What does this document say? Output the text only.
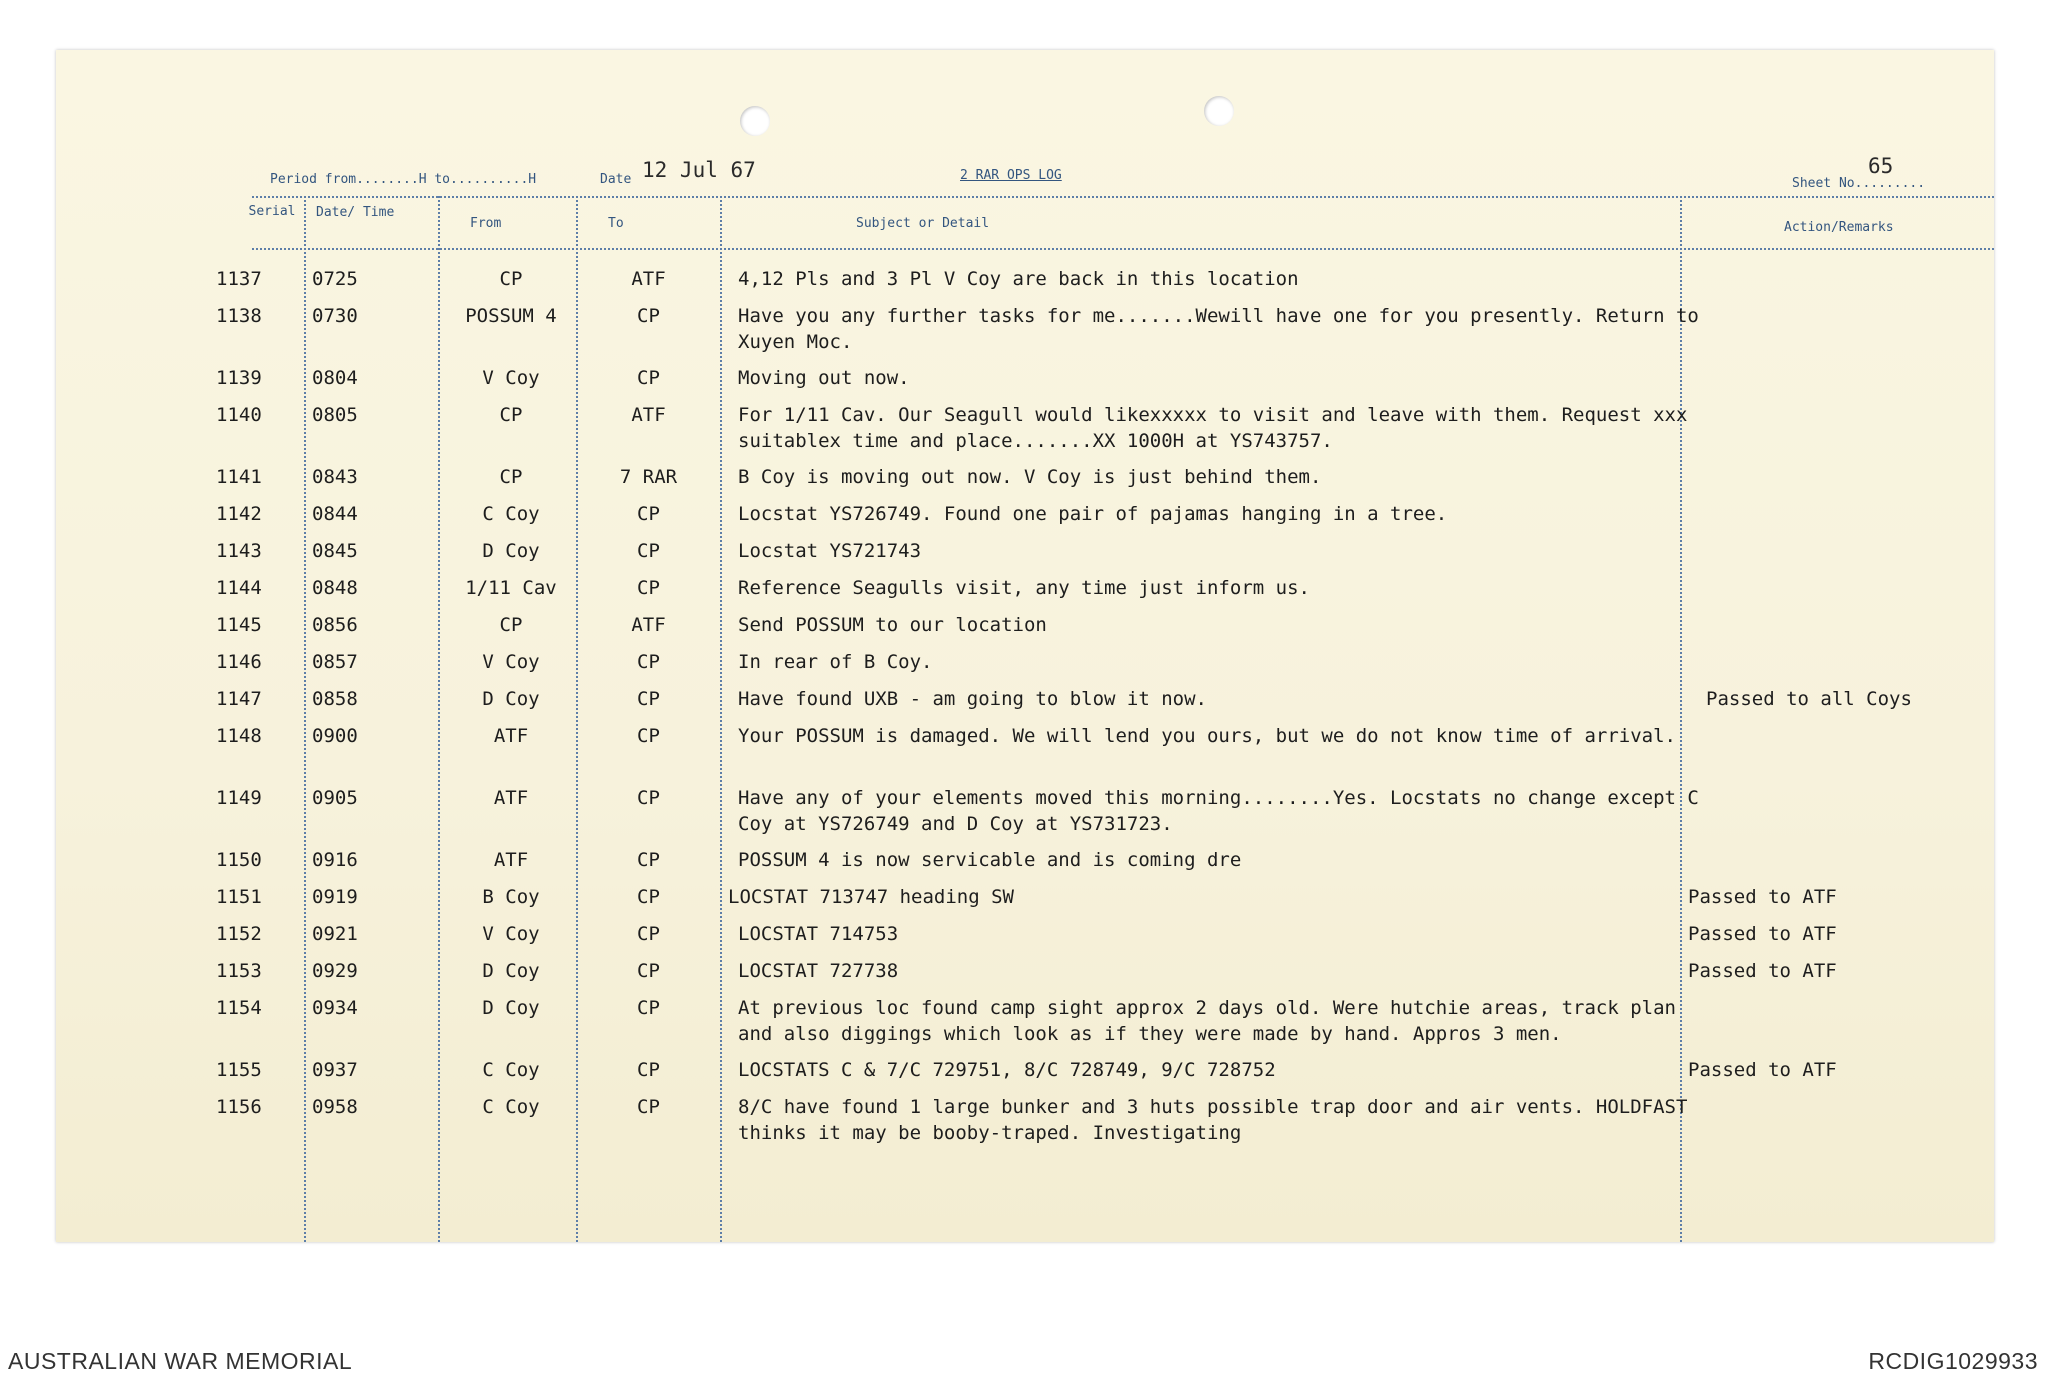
Period from........H to..........H	Date 12 Jul 67	2 RAR OPS LOG
Sheet No.........
65
Serial Date/ Time
From	To	Subject or Detail	Action/Remarks
1137	0725	CP	ATF	4,12 Pls and 3 Pl V Coy are back in this location
1138	0730	POSSUM 4	CP	Have you any further tasks for me.......Wewill have one for you presently. Return to Xuyen Moc.
1139	0804	V Coy	CP	Moving out now.
1140	0805	CP	ATF	For 1/11 Cav. Our Seagull would likexxxxx to visit and leave with them. Request xxx suitablex time and place.......XX 1000H at YS743757.
1141	0843	CP	7 RAR	B Coy is moving out now. V Coy is just behind them.
1142	0844	C Coy	CP	Locstat YS726749. Found one pair of pajamas hanging in a tree.
1143	0845	D Coy	CP	Locstat YS721743
1144	0848	1/11 Cav	CP	Reference Seagulls visit, any time just inform us.
1145	0856	CP	ATF	Send POSSUM to our location
1146	0857	V Coy	CP	In rear of B Coy.
1147	0858	D Coy	CP	Have found UXB - am going to blow it now.	Passed to all Coys
1148	0900	ATF	CP	Your POSSUM is damaged. We will lend you ours, but we do not know time of arrival.
1149	0905	ATF	CP	Have any of your elements moved this morning........Yes. Locstats no change except C Coy at YS726749 and D Coy at YS731723.
1150	0916	ATF	CP	POSSUM 4 is now servicable and is coming dre
1151	0919	B Coy	CP	LOCSTAT 713747 heading SW	Passed to ATF
1152	0921	V Coy	CP	LOCSTAT 714753	Passed to ATF
1153	0929	D Coy	CP	LOCSTAT 727738	Passed to ATF
1154	0934	D Coy	CP	At previous loc found camp sight approx 2 days old. Were hutchie areas, track plan and also diggings which look as if they were made by hand. Appros 3 men.
1155	0937	C Coy	CP	LOCSTATS C & 7/C 729751, 8/C 728749, 9/C 728752	Passed to ATF
1156	0958	C Coy	CP	8/C have found 1 large bunker and 3 huts possible trap door and air vents. HOLDFAST thinks it may be booby-traped. Investigating
AUSTRALIAN WAR MEMORIAL	RCDIG1029933
